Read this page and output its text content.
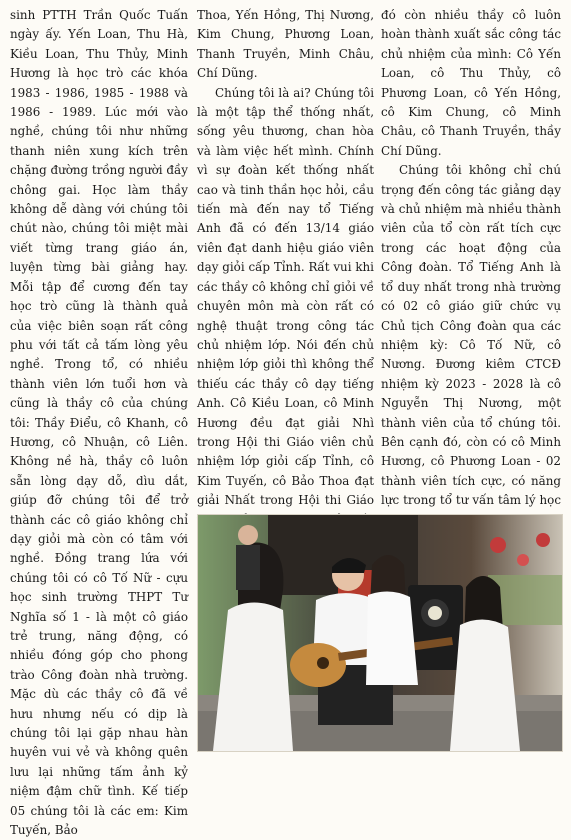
sinh PTTH Trần Quốc Tuấn ngày ấy. Yến Loan, Thu Hà, Kiều Loan, Thu Thủy, Minh Hương là học trò các khóa 1983 - 1986, 1985 - 1988 và 1986 - 1989. Lúc mới vào nghề, chúng tôi như những thanh niên xung kích trên chặng đường trồng người đầy chông gai. Học làm thầy không dễ dàng với chúng tôi chút nào, chúng tôi miệt mài viết từng trang giáo án, luyện từng bài giảng hay. Mỗi tập để cương đến tay học trò cũng là thành quả của việc biên soạn rất công phu với tất cả tấm lòng yêu nghề. Trong tổ, có nhiều thành viên lớn tuổi hơn và cũng là thầy cô của chúng tôi: Thầy Điểu, cô Khanh, cô Hương, cô Nhuận, cô Liên. Không nề hà, thầy cô luôn sẵn lòng dạy dỗ, dìu dắt, giúp đỡ chúng tôi để trở thành các cô giáo không chỉ dạy giỏi mà còn có tâm với nghề. Đồng trang lứa với chúng tôi có cô Tố Nữ - cựu học sinh trường THPT Tư Nghĩa số 1 - là một cô giáo trẻ trung, năng động, có nhiều đóng góp cho phong trào Công đoàn nhà trường. Mặc dù các thầy cô đã về hưu nhưng nếu có dịp là chúng tôi lại gặp nhau hàn huyên vui vẻ và không quên lưu lại những tấm ảnh kỷ niệm đậm chữ tình. Kế tiếp 05 chúng tôi là các em: Kim Tuyến, Bảo

Thoa, Yến Hồng, Thị Nương, Kim Chung, Phương Loan, Thanh Truyền, Minh Châu, Chí Dũng.

Chúng tôi là ai? Chúng tôi là một tập thể thống nhất, sống yêu thương, chan hòa và làm việc hết mình. Chính vì sự đoàn kết thống nhất cao và tinh thần học hỏi, cầu tiến mà đến nay tổ Tiếng Anh đã có đến 13/14 giáo viên đạt danh hiệu giáo viên dạy giỏi cấp Tỉnh. Rất vui khi các thầy cô không chỉ giỏi về chuyên môn mà còn rất có nghệ thuật trong công tác chủ nhiệm lớp. Nói đến chủ nhiệm lớp giỏi thì không thể thiếu các thầy cô dạy tiếng Anh. Cô Kiều Loan, cô Minh Hương đều đạt giải Nhì trong Hội thi Giáo viên chủ nhiệm lớp giỏi cấp Tỉnh, cô Kim Tuyến, cô Bảo Thoa đạt giải Nhất trong Hội thi Giáo

đó còn nhiều thầy cô luôn hoàn thành xuất sắc công tác chủ nhiệm của mình: Cô Yến Loan, cô Thu Thủy, cô Phương Loan, cô Yến Hồng, cô Kim Chung, cô Minh Châu, cô Thanh Truyền, thầy Chí Dũng.

Chúng tôi không chỉ chú trọng đến công tác giảng dạy và chủ nhiệm mà nhiều thành viên của tổ còn rất tích cực trong các hoạt động của Công đoàn. Tổ Tiếng Anh là tổ duy nhất trong nhà trường có 02 cô giáo giữ chức vụ Chủ tịch Công đoàn qua các nhiệm kỳ: Cô Tố Nữ, cô Nương. Đương kiêm CTCĐ nhiệm kỳ 2023 - 2028 là cô Nguyễn Thị Nương, một thành viên của tổ chúng tôi. Bên cạnh đó, còn có cô Minh Hương, cô Phương Loan - 02 thành viên tích cực, có năng lực trong tổ tư vấn tâm lý học
